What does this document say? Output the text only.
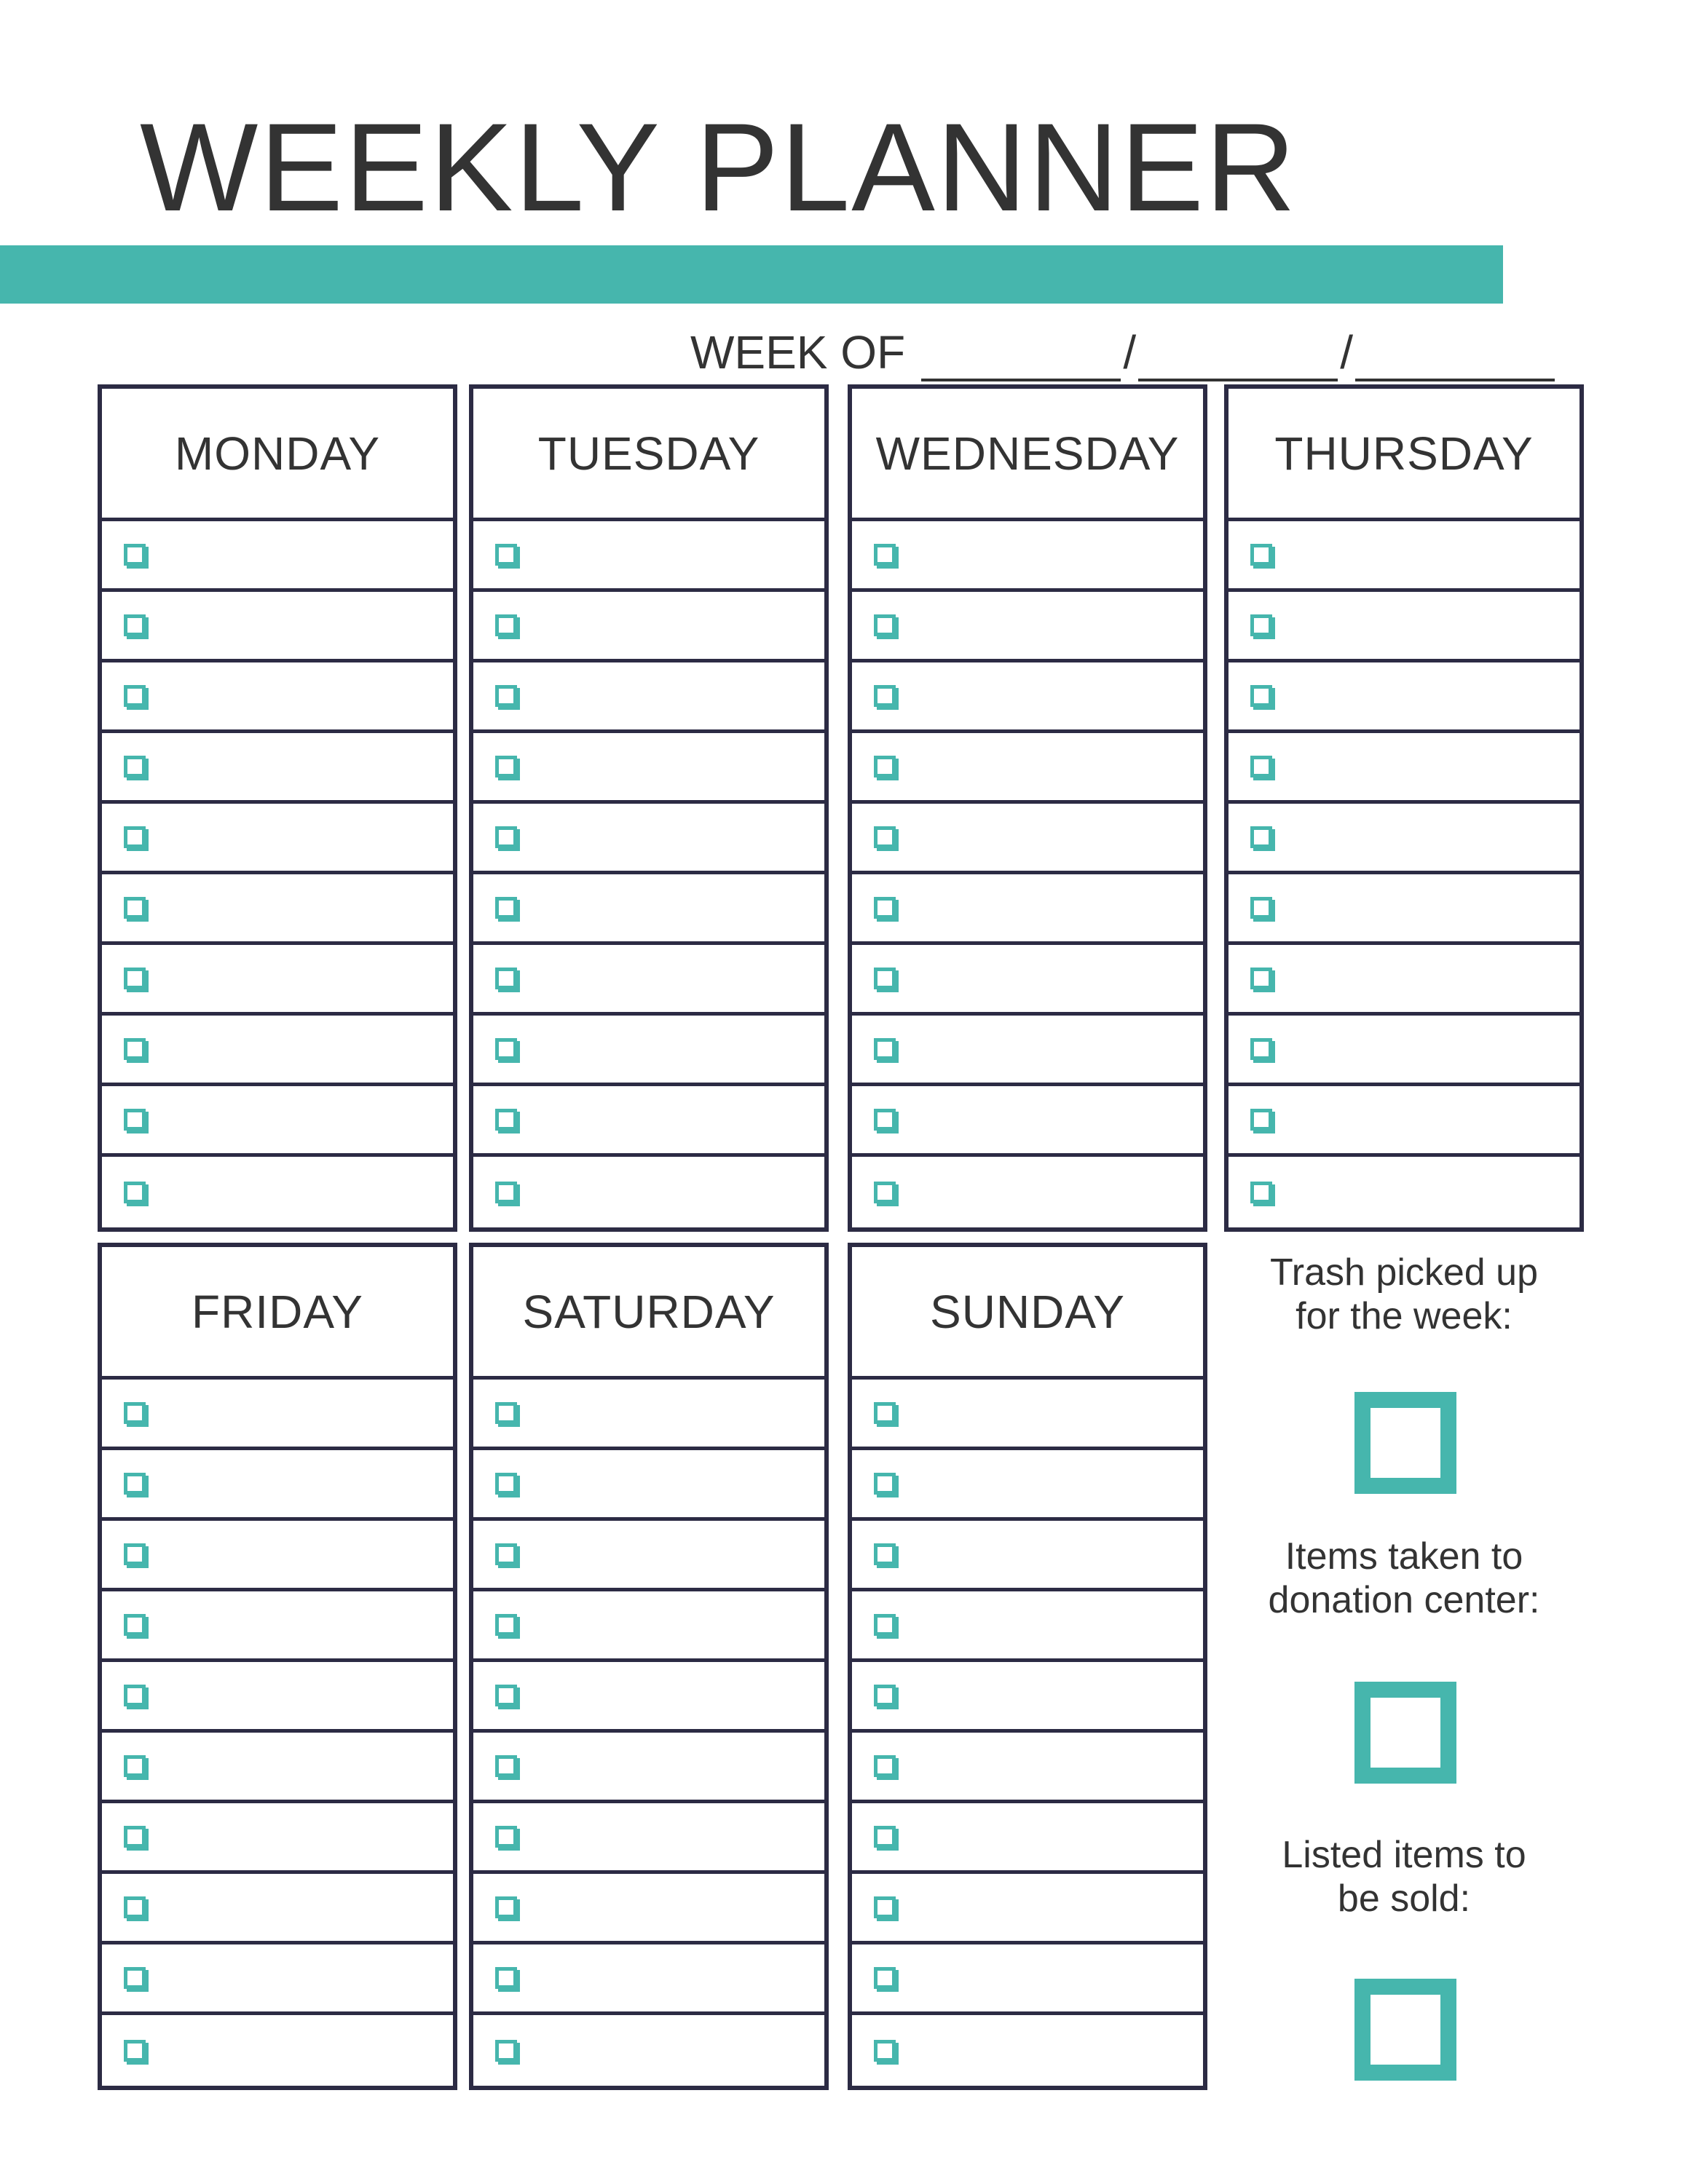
WEEKLY PLANNER
WEEK OF	/	/
MONDAY	TUESDAY	WEDNESDAY	THURSDAY
FRIDAY	SATURDAY	SUNDAY
Trash picked up
for the week:
Items taken to
donation center:
Listed items to
be sold:
